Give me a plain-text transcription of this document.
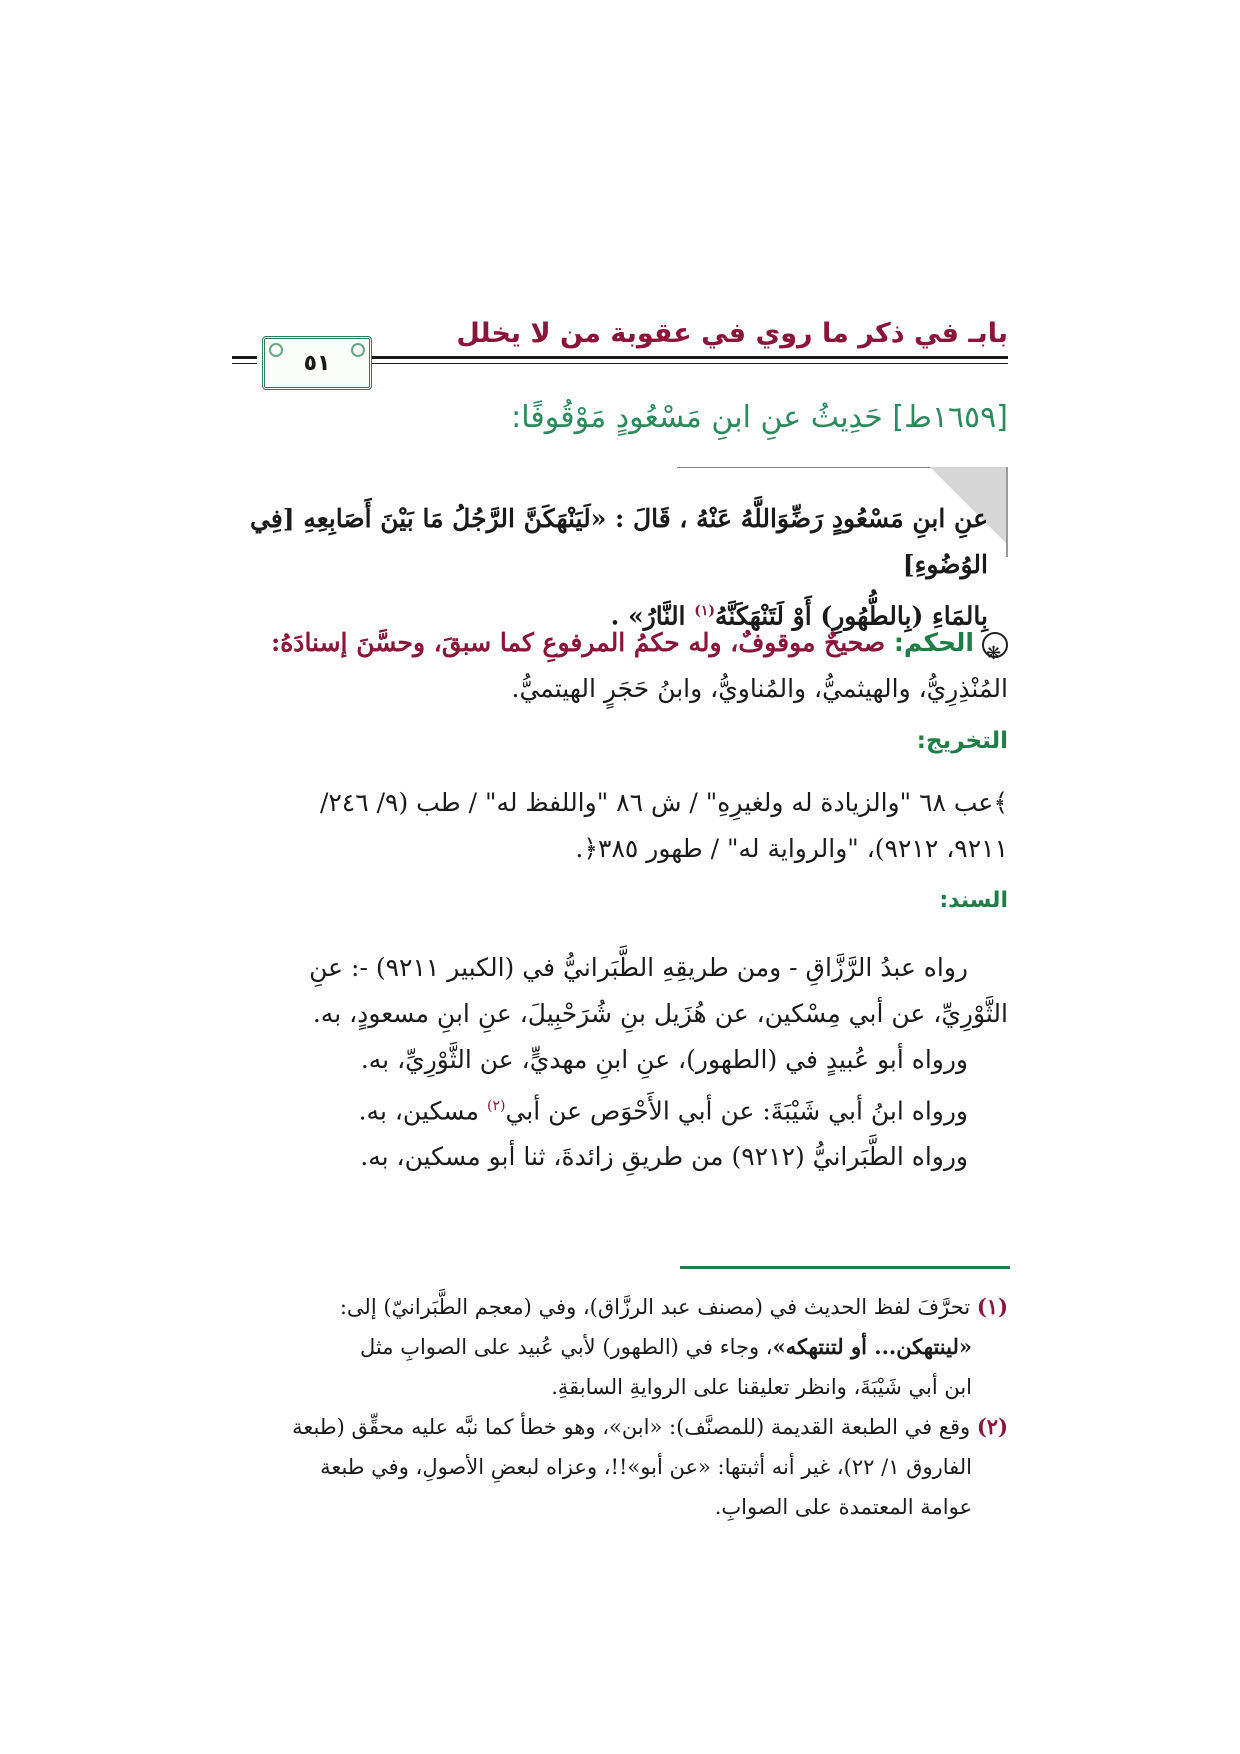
بابـ في ذكر ما روي في عقوبة من لا يخلل
٥١
[١٦٥٩ط] حَدِيثُ عنِ ابنِ مَسْعُودٍ مَوْقُوفًا:
عنِ ابنِ مَسْعُودٍ رَضِّوَاللَّهُ عَنْهُ ، قَالَ : «لَيَنْهَكَنَّ الرَّجُلُ مَا بَيْنَ أَصَابِعِهِ [فِي الوُضُوءِ]
بِالمَاءِ (بِالطُّهُورِ) أَوْ لَتَنْهَكَنَّهُ$^{(١)}$ النَّارُ» .
❋الحكم: صحيحٌ موقوفٌ، وله حكمُ المرفوعِ كما سبقَ، وحسَّنَ إسنادَهُ:
المُنْذِرِيُّ، والهيثميُّ، والمُناويُّ، وابنُ حَجَرٍ الهيتميُّ.
التخريج:
﴾عب ٦٨ "والزيادة له ولغيرِهِ" / ش ٨٦ "واللفظ له" / طب (٩/ ٢٤٦/
٩٢١١، ٩٢١٢)، "والرواية له" / طهور ٣٨٥﴿.
السند:
رواه عبدُ الرَّزَّاقِ - ومن طريقِهِ الطَّبَرانيُّ في (الكبير ٩٢١١) -: عنِ
الثَّوْرِيِّ، عن أبي مِسْكين، عن هُزَيل بنِ شُرَحْبِيلَ، عنِ ابنِ مسعودٍ، به.
ورواه أبو عُبيدٍ في (الطهور)، عنِ ابنِ مهديٍّ، عن الثَّوْرِيِّ، به.
ورواه ابنُ أبي شَيْبَةَ: عن أبي الأَحْوَص عن أبي$^{(٢)}$ مسكين، به.
ورواه الطَّبَرانيُّ (٩٢١٢) من طريقِ زائدةَ، ثنا أبو مسكين، به.
(١) تحرَّفَ لفظ الحديث في (مصنف عبد الرزَّاق)، وفي (معجم الطَّبَرانيّ) إلى:
«لينتهكن... أو لتنتهكه»، وجاء في (الطهور) لأبي عُبيد على الصوابِ مثل
ابن أبي شَيْبَةَ، وانظر تعليقنا على الروايةِ السابقةِ.
(٢) وقع في الطبعة القديمة (للمصنَّف): «ابن»، وهو خطأ كما نبَّه عليه محقِّق (طبعة
الفاروق ١/ ٢٢)، غير أنه أثبتها: «عن أبو»!!، وعزاه لبعضِ الأصولِ، وفي طبعة
عوامة المعتمدة على الصوابِ.
